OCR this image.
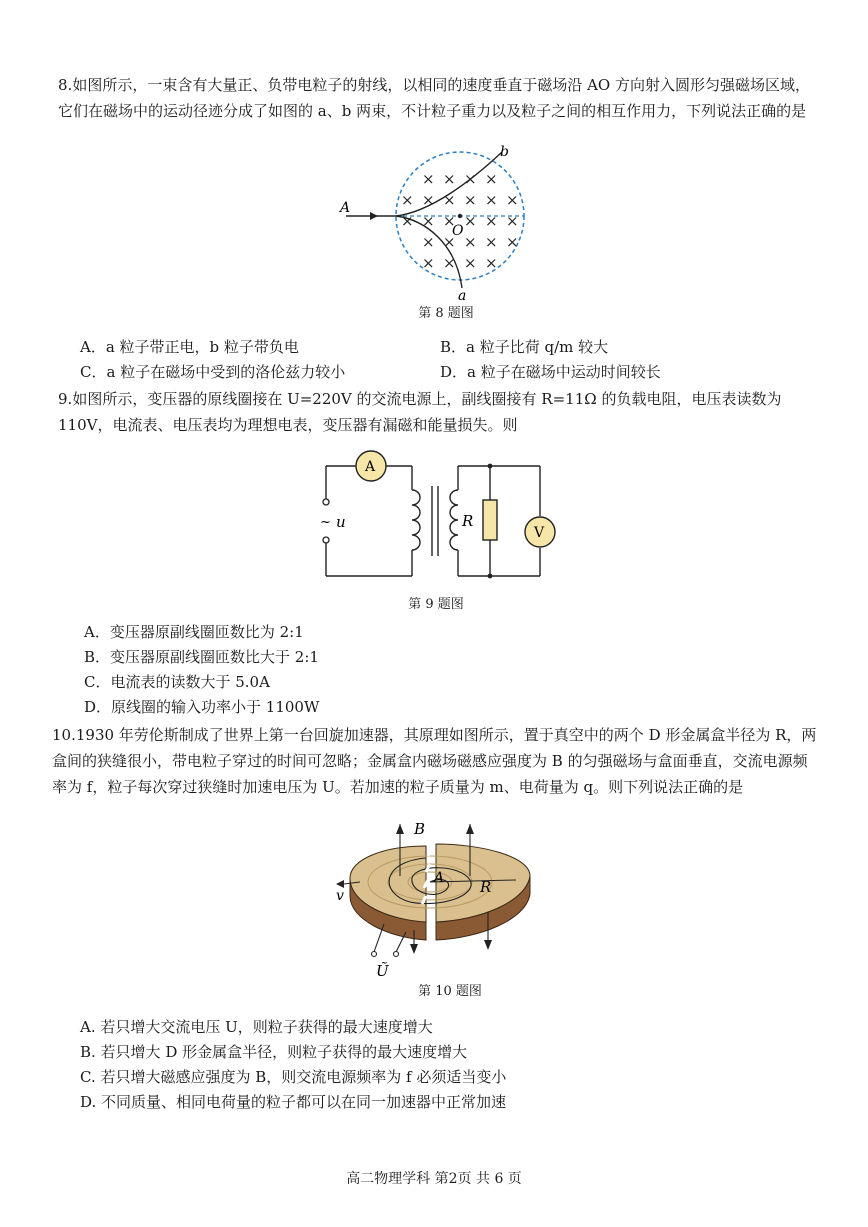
8.如图所示，一束含有大量正、负带电粒子的射线，以相同的速度垂直于磁场沿 AO 方向射入圆形匀强磁场区域，它们在磁场中的运动径迹分成了如图的 a、b 两束，不计粒子重力以及粒子之间的相互作用力，下列说法正确的是
× × × ×
× × × × × ×
× × × × × ×
× × × × ×
× × × ×
A
O
b
a
第 8 题图
A．a 粒子带正电，b 粒子带负电	B．a 粒子比荷 q/m 较大
C．a 粒子在磁场中受到的洛伦兹力较小	D．a 粒子在磁场中运动时间较长
9.如图所示，变压器的原线圈接在 U=220V 的交流电源上，副线圈接有 R=11Ω 的负载电阻，电压表读数为 110V，电流表、电压表均为理想电表，变压器有漏磁和能量损失。则
~ u
A
R
V
第 9 题图
A．变压器原副线圈匝数比为 2:1
B．变压器原副线圈匝数比大于 2:1
C．电流表的读数大于 5.0A
D．原线圈的输入功率小于 1100W
10.1930 年劳伦斯制成了世界上第一台回旋加速器，其原理如图所示，置于真空中的两个 D 形金属盒半径为 R，两盒间的狭缝很小，带电粒子穿过的时间可忽略；金属盒内磁场磁感应强度为 B 的匀强磁场与盒面垂直，交流电源频率为 f，粒子每次穿过狭缝时加速电压为 U。若加速的粒子质量为 m、电荷量为 q。则下列说法正确的是
B
A R
v
Ũ
第 10 题图
A. 若只增大交流电压 U，则粒子获得的最大速度增大
B. 若只增大 D 形金属盒半径，则粒子获得的最大速度增大
C. 若只增大磁感应强度为 B，则交流电源频率为 f 必须适当变小
D. 不同质量、相同电荷量的粒子都可以在同一加速器中正常加速
高二物理学科 第2页 共 6 页
